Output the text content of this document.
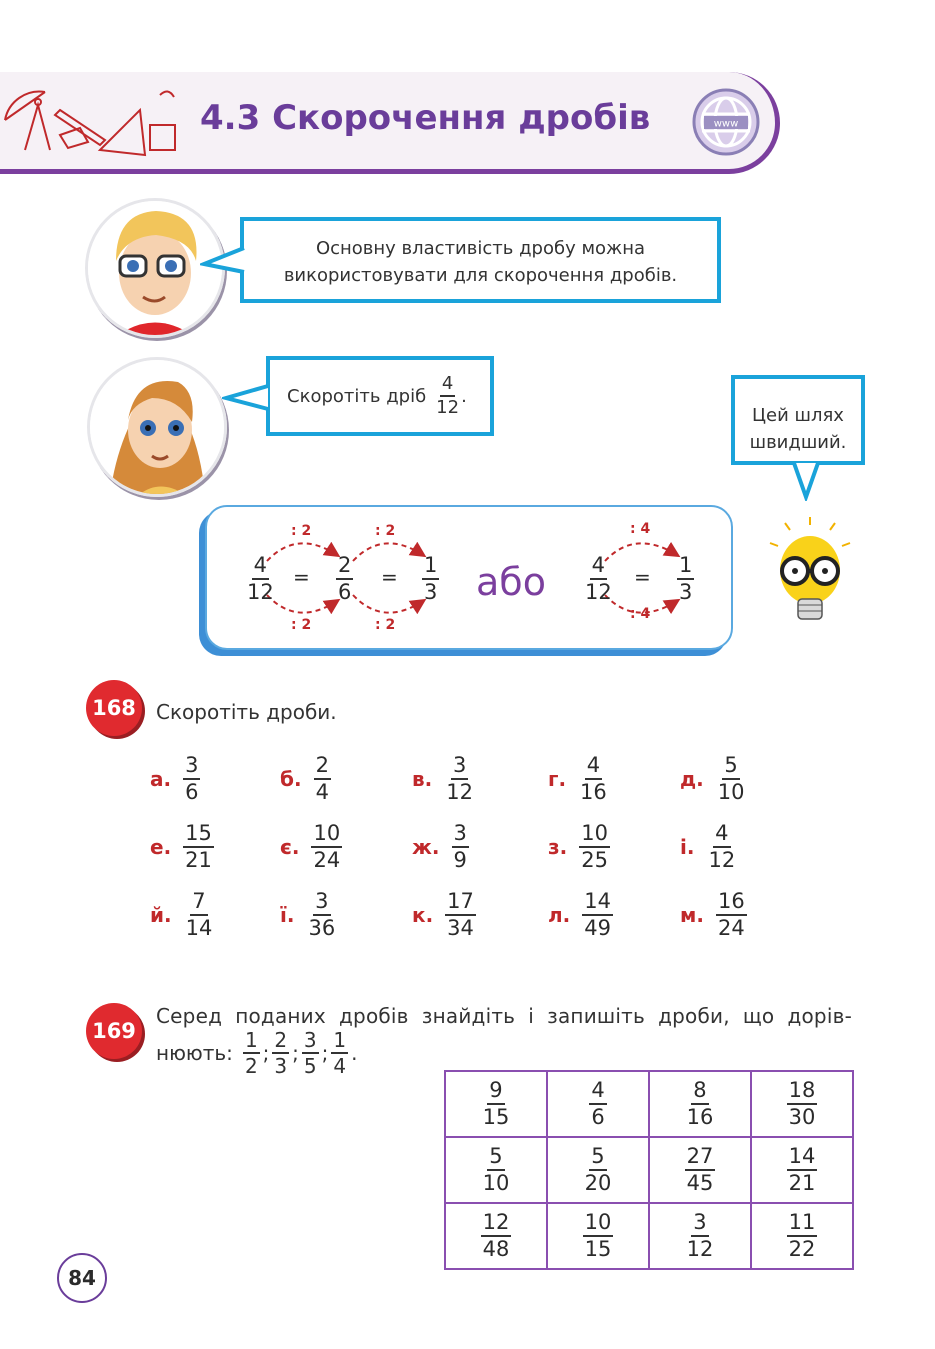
4.3 Скорочення дробів	www
Основну властивість дробу можна
використовувати для скорочення дробів.
Скоротіть дріб $\frac{4}{12}$ .
Цей шлях
швидший.
: 2
: 2
: 2
: 2
: 4
: 4
$\frac{4}{12} = \frac{2}{6} = \frac{1}{3}$ або $\frac{4}{12} = \frac{1}{3}$
168	Скоротіть дроби.
а. $\frac{3}{6}$	б. $\frac{2}{4}$	в. $\frac{3}{12}$	г. $\frac{4}{16}$	д. $\frac{5}{10}$
е. $\frac{15}{21}$	є. $\frac{10}{24}$	ж. $\frac{3}{9}$	з. $\frac{10}{25}$	і. $\frac{4}{12}$
й. $\frac{7}{14}$	ї. $\frac{3}{36}$	к. $\frac{17}{34}$	л. $\frac{14}{49}$	м. $\frac{16}{24}$
169
Серед поданих дробів знайдіть і запишіть дроби, що дорів-
нюють: $\frac{1}{2}$ ; $\frac{2}{3}$ ; $\frac{3}{5}$ ; $\frac{1}{4}$ .
$\frac{9}{15}$	$\frac{4}{6}$	$\frac{8}{16}$	$\frac{18}{30}$

$\frac{5}{10}$	$\frac{5}{20}$	$\frac{27}{45}$	$\frac{14}{21}$

$\frac{12}{48}$	$\frac{10}{15}$	$\frac{3}{12}$	$\frac{11}{22}$
84
